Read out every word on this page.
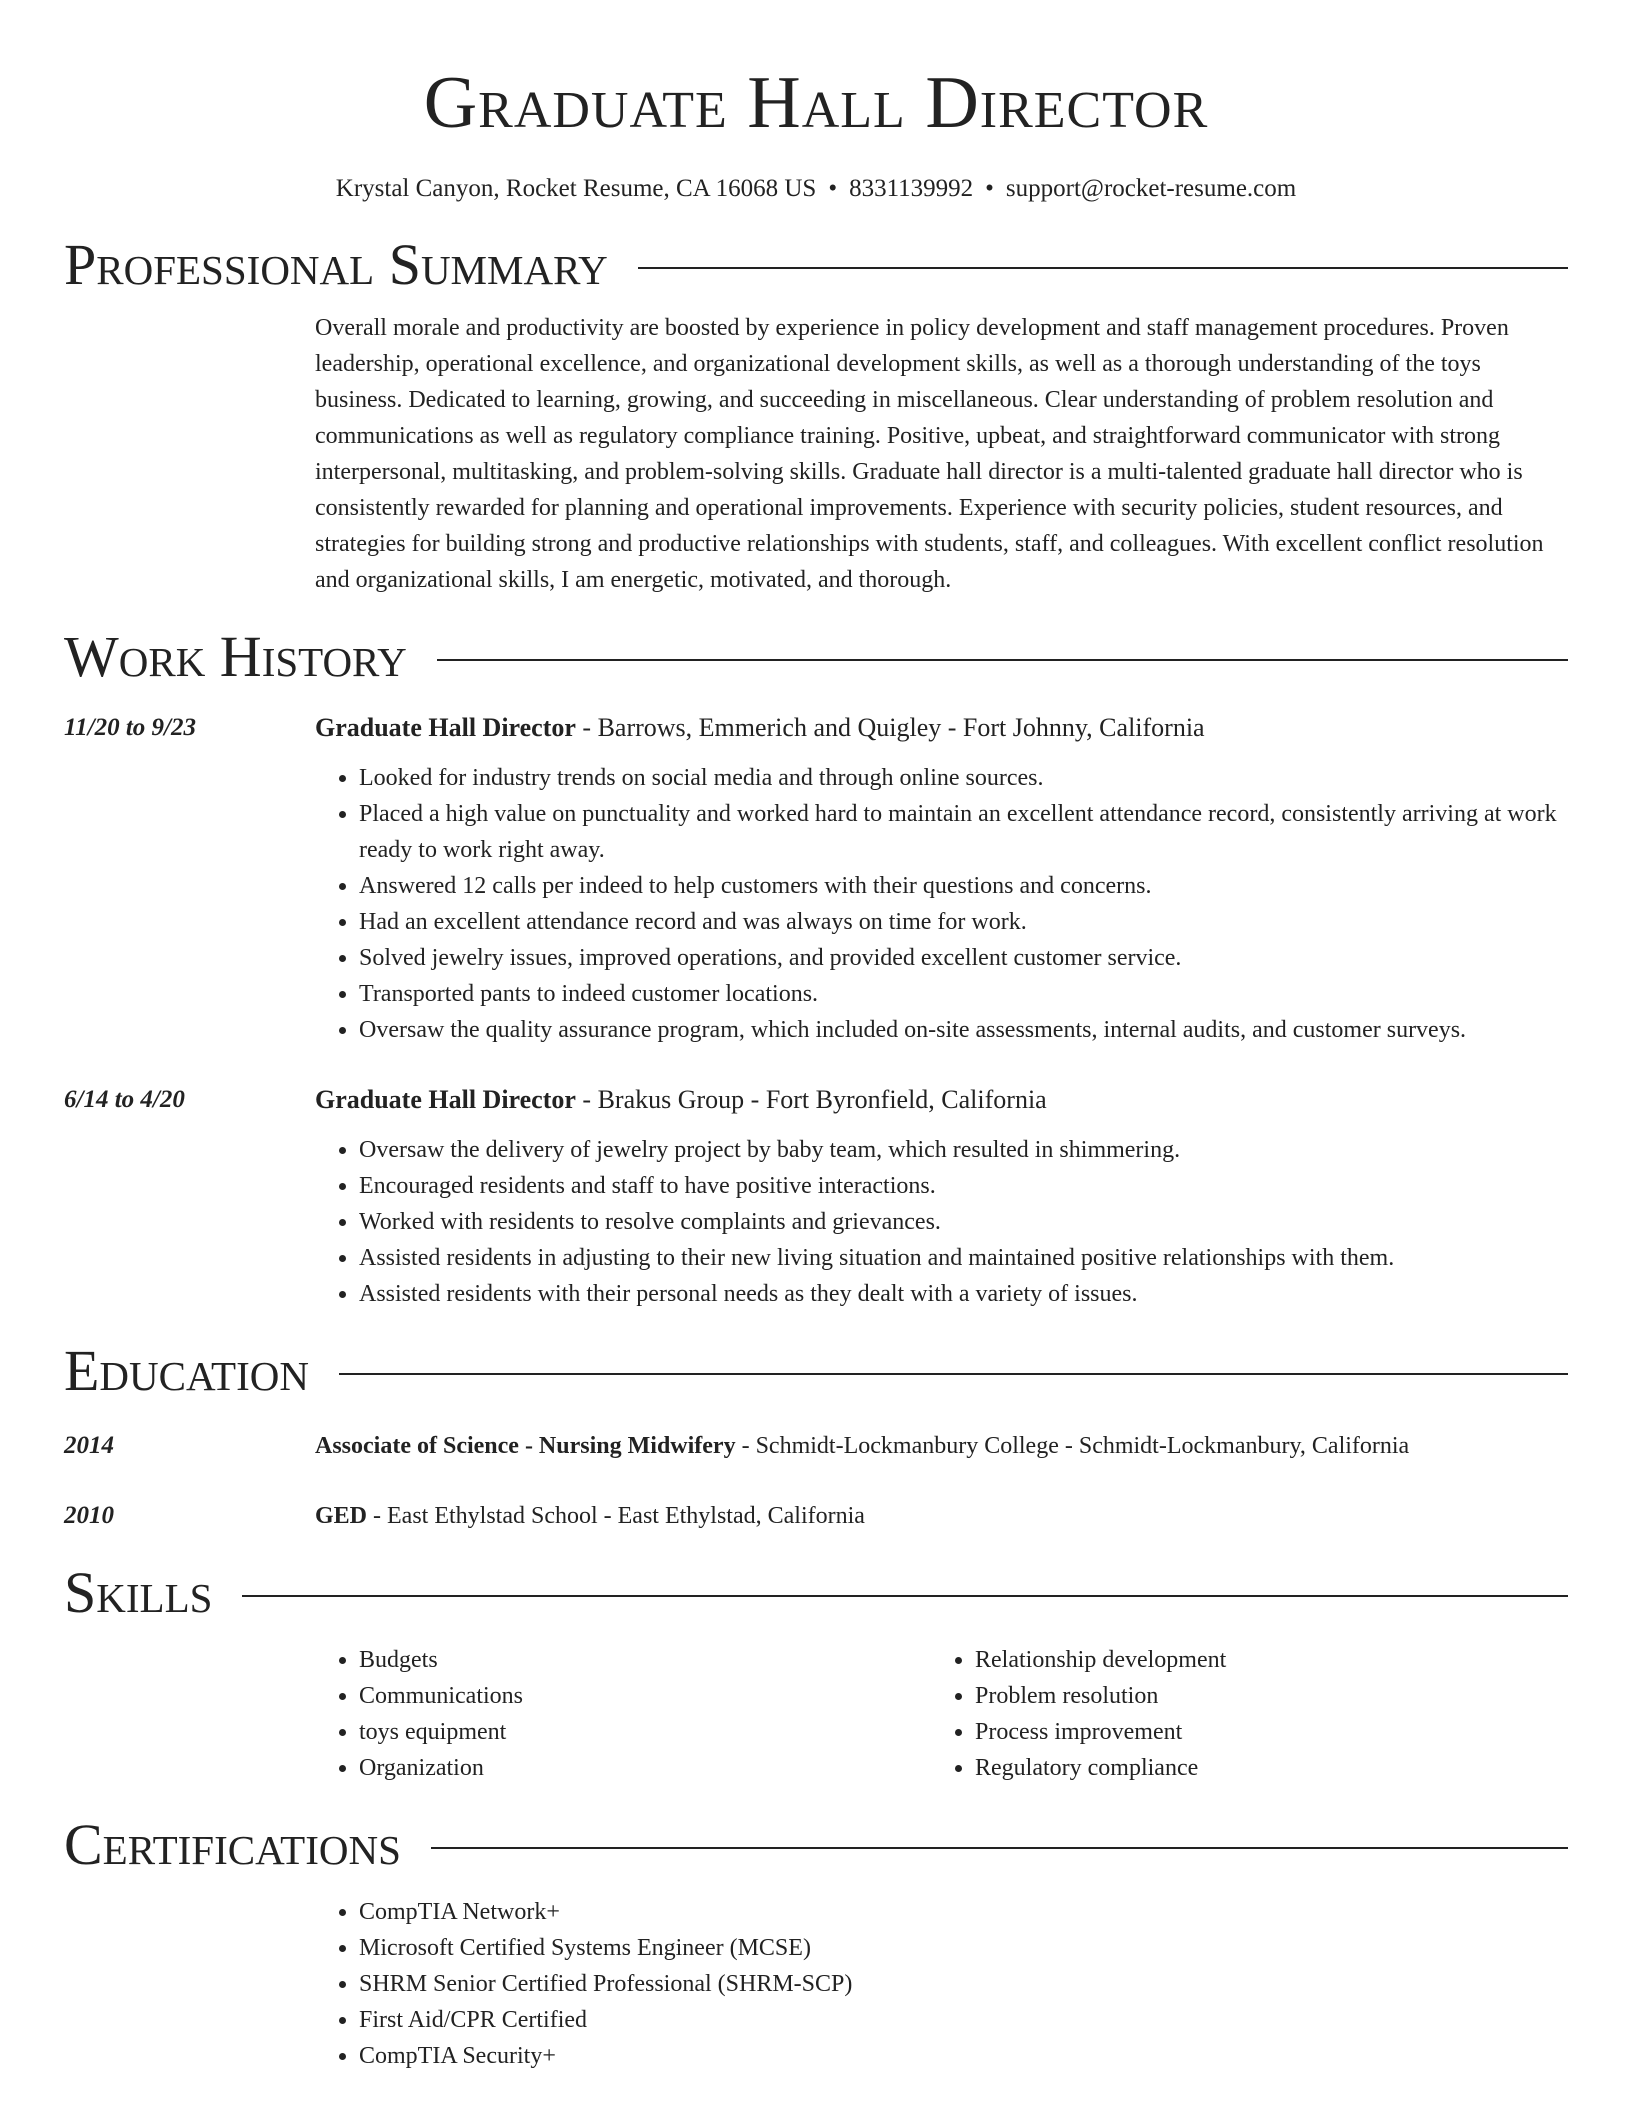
Graduate Hall Director
Krystal Canyon, Rocket Resume, CA 16068 US • 8331139992 • support@rocket-resume.com
Professional Summary
Overall morale and productivity are boosted by experience in policy development and staff management procedures. Proven leadership, operational excellence, and organizational development skills, as well as a thorough understanding of the toys business. Dedicated to learning, growing, and succeeding in miscellaneous. Clear understanding of problem resolution and communications as well as regulatory compliance training. Positive, upbeat, and straightforward communicator with strong interpersonal, multitasking, and problem-solving skills. Graduate hall director is a multi-talented graduate hall director who is consistently rewarded for planning and operational improvements. Experience with security policies, student resources, and strategies for building strong and productive relationships with students, staff, and colleagues. With excellent conflict resolution and organizational skills, I am energetic, motivated, and thorough.
Work History
11/20 to 9/23	Graduate Hall Director - Barrows, Emmerich and Quigley - Fort Johnny, California
• Looked for industry trends on social media and through online sources.
• Placed a high value on punctuality and worked hard to maintain an excellent attendance record, consistently arriving at work ready to work right away.
• Answered 12 calls per indeed to help customers with their questions and concerns.
• Had an excellent attendance record and was always on time for work.
• Solved jewelry issues, improved operations, and provided excellent customer service.
• Transported pants to indeed customer locations.
• Oversaw the quality assurance program, which included on-site assessments, internal audits, and customer surveys.
6/14 to 4/20	Graduate Hall Director - Brakus Group - Fort Byronfield, California
• Oversaw the delivery of jewelry project by baby team, which resulted in shimmering.
• Encouraged residents and staff to have positive interactions.
• Worked with residents to resolve complaints and grievances.
• Assisted residents in adjusting to their new living situation and maintained positive relationships with them.
• Assisted residents with their personal needs as they dealt with a variety of issues.
Education
2014	Associate of Science - Nursing Midwifery - Schmidt-Lockmanbury College - Schmidt-Lockmanbury, California
2010	GED - East Ethylstad School - East Ethylstad, California
Skills
• Budgets
• Communications
• toys equipment
• Organization
• Relationship development
• Problem resolution
• Process improvement
• Regulatory compliance
Certifications
• CompTIA Network+
• Microsoft Certified Systems Engineer (MCSE)
• SHRM Senior Certified Professional (SHRM-SCP)
• First Aid/CPR Certified
• CompTIA Security+
